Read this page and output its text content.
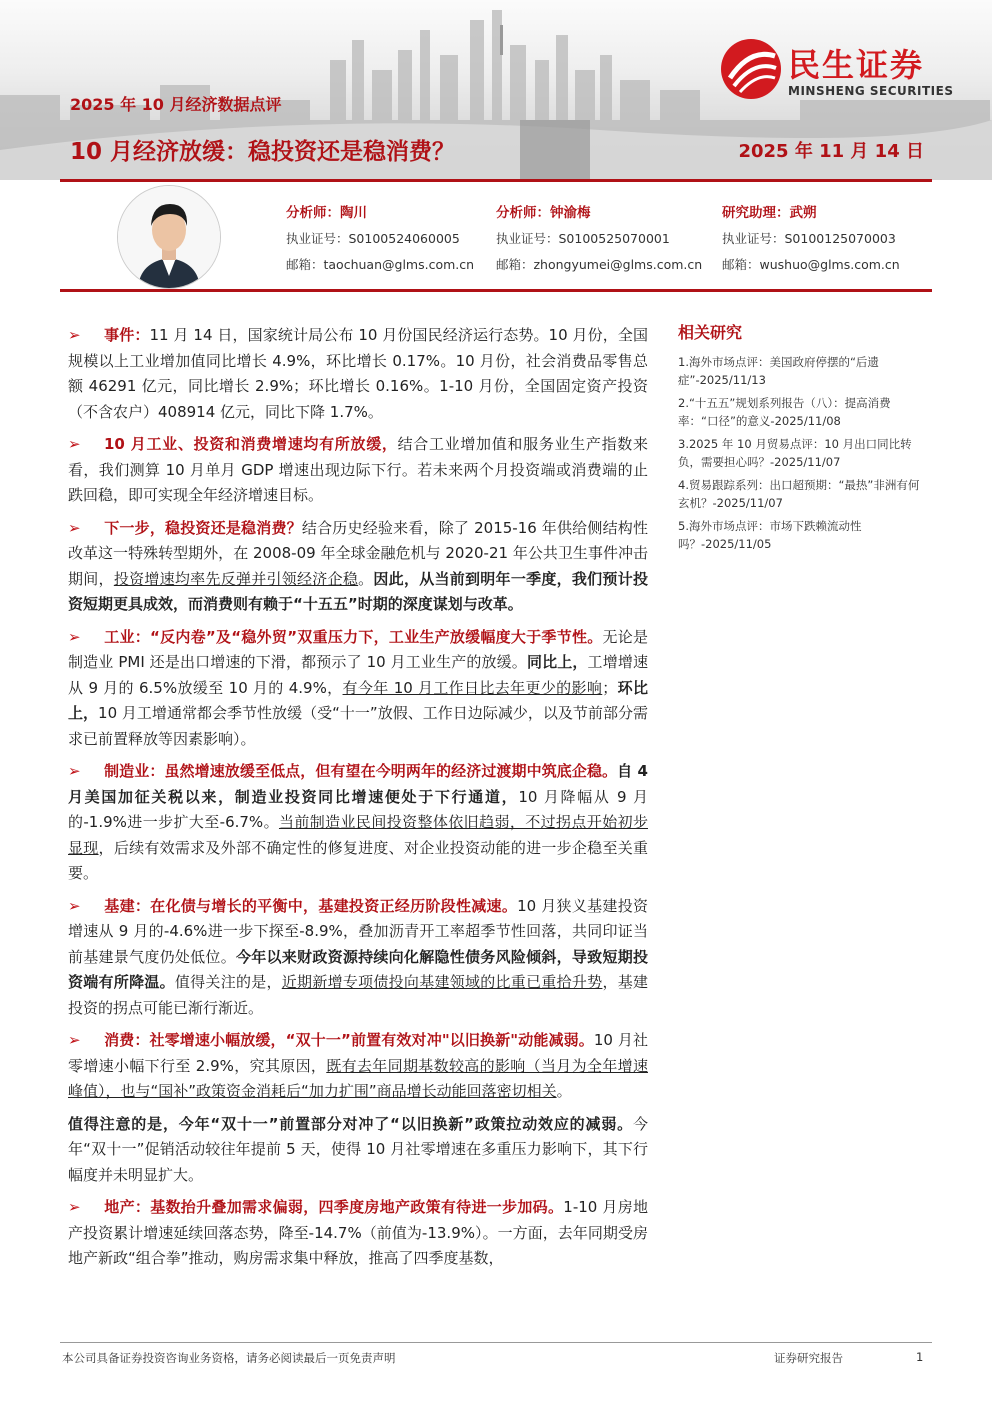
2025 年 10 月经济数据点评
10 月经济放缓：稳投资还是稳消费？	2025 年 11 月 14 日
民生证券
MINSHENG SECURITIES
分析师：陶川
执业证号：S0100524060005
邮箱：taochuan@glms.com.cn
分析师：钟渝梅
执业证号：S0100525070001
邮箱：zhongyumei@glms.com.cn
研究助理：武朔
执业证号：S0100125070003
邮箱：wushuo@glms.com.cn

➢ 事件：11 月 14 日，国家统计局公布 10 月份国民经济运行态势。10 月份，全国规模以上工业增加值同比增长 4.9%，环比增长 0.17%。10 月份，社会消费品零售总额 46291 亿元，同比增长 2.9%；环比增长 0.16%。1-10 月份，全国固定资产投资（不含农户）408914 亿元，同比下降 1.7%。

➢ 10 月工业、投资和消费增速均有所放缓，结合工业增加值和服务业生产指数来看，我们测算 10 月单月 GDP 增速出现边际下行。若未来两个月投资端或消费端的止跌回稳，即可实现全年经济增速目标。

➢ 下一步，稳投资还是稳消费？结合历史经验来看，除了 2015-16 年供给侧结构性改革这一特殊转型期外，在 2008-09 年全球金融危机与 2020-21 年公共卫生事件冲击期间，投资增速均率先反弹并引领经济企稳。因此，从当前到明年一季度，我们预计投资短期更具成效，而消费则有赖于“十五五”时期的深度谋划与改革。

➢ 工业：“反内卷”及“稳外贸”双重压力下，工业生产放缓幅度大于季节性。无论是制造业 PMI 还是出口增速的下滑，都预示了 10 月工业生产的放缓。同比上，工增增速从 9 月的 6.5%放缓至 10 月的 4.9%，有今年 10 月工作日比去年更少的影响；环比上，10 月工增通常都会季节性放缓（受“十一”放假、工作日边际减少，以及节前部分需求已前置释放等因素影响）。

➢ 制造业：虽然增速放缓至低点，但有望在今明两年的经济过渡期中筑底企稳。自 4 月美国加征关税以来，制造业投资同比增速便处于下行通道，10 月降幅从 9 月的-1.9%进一步扩大至-6.7%。当前制造业民间投资整体依旧趋弱，不过拐点开始初步显现，后续有效需求及外部不确定性的修复进度、对企业投资动能的进一步企稳至关重要。

➢ 基建：在化债与增长的平衡中，基建投资正经历阶段性减速。10 月狭义基建投资增速从 9 月的-4.6%进一步下探至-8.9%，叠加沥青开工率超季节性回落，共同印证当前基建景气度仍处低位。今年以来财政资源持续向化解隐性债务风险倾斜，导致短期投资端有所降温。值得关注的是，近期新增专项债投向基建领域的比重已重拾升势，基建投资的拐点可能已渐行渐近。

➢ 消费：社零增速小幅放缓，“双十一”前置有效对冲"以旧换新"动能减弱。10 月社零增速小幅下行至 2.9%，究其原因，既有去年同期基数较高的影响（当月为全年增速峰值），也与“国补”政策资金消耗后“加力扩围”商品增长动能回落密切相关。

值得注意的是，今年“双十一”前置部分对冲了“以旧换新”政策拉动效应的减弱。今年“双十一”促销活动较往年提前 5 天，使得 10 月社零增速在多重压力影响下，其下行幅度并未明显扩大。

➢ 地产：基数抬升叠加需求偏弱，四季度房地产政策有待进一步加码。1-10 月房地产投资累计增速延续回落态势，降至-14.7%（前值为-13.9%）。一方面，去年同期受房地产新政“组合拳”推动，购房需求集中释放，推高了四季度基数，

相关研究
1.海外市场点评：美国政府停摆的“后遗症”-2025/11/13
2.“十五五”规划系列报告（八）：提高消费率：“口径”的意义-2025/11/08
3.2025 年 10 月贸易点评：10 月出口同比转负，需要担心吗？-2025/11/07
4.贸易跟踪系列：出口超预期：“最热”非洲有何玄机？-2025/11/07
5.海外市场点评：市场下跌赖流动性吗？-2025/11/05
本公司具备证券投资咨询业务资格，请务必阅读最后一页免责声明	证券研究报告	1
